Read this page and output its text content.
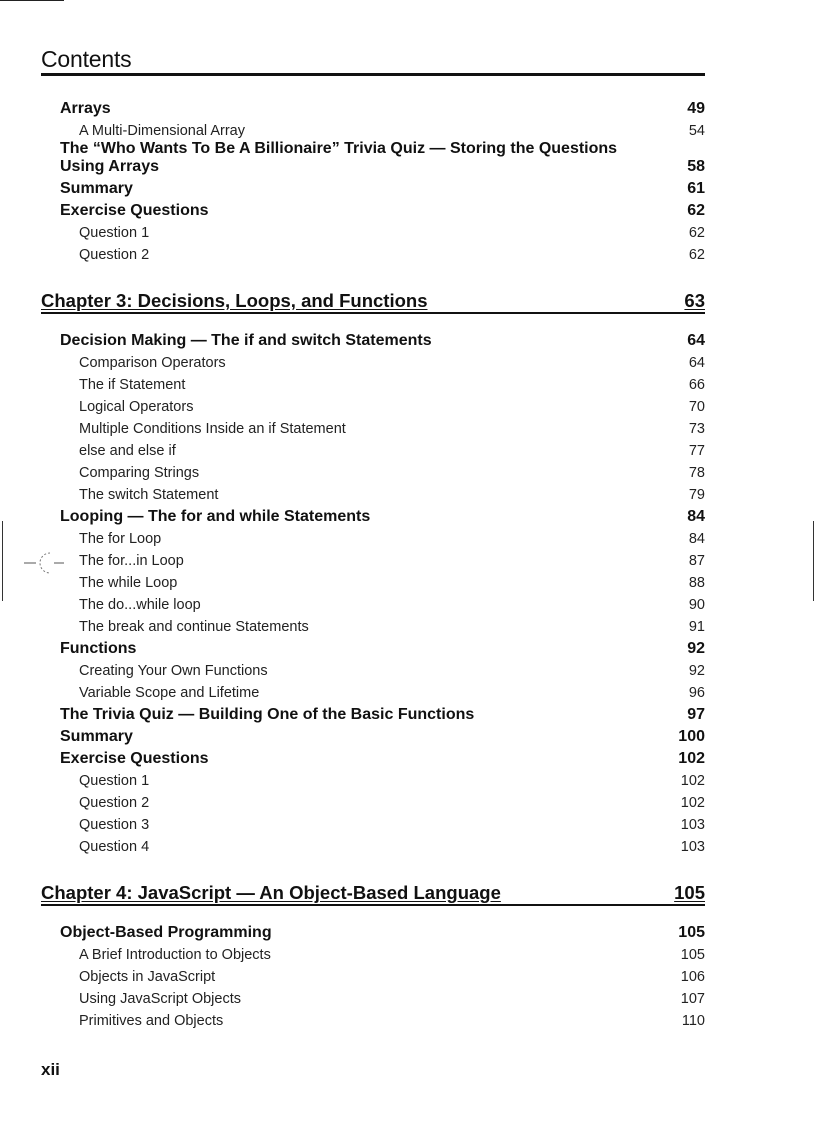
Contents
Arrays	49
A Multi-Dimensional Array	54
The “Who Wants To Be A Billionaire” Trivia Quiz — Storing the Questions Using Arrays	58
Summary	61
Exercise Questions	62
Question 1	62
Question 2	62
Chapter 3: Decisions, Loops, and Functions	63
Decision Making — The if and switch Statements	64
Comparison Operators	64
The if Statement	66
Logical Operators	70
Multiple Conditions Inside an if Statement	73
else and else if	77
Comparing Strings	78
The switch Statement	79
Looping — The for and while Statements	84
The for Loop	84
The for...in Loop	87
The while Loop	88
The do...while loop	90
The break and continue Statements	91
Functions	92
Creating Your Own Functions	92
Variable Scope and Lifetime	96
The Trivia Quiz — Building One of the Basic Functions	97
Summary	100
Exercise Questions	102
Question 1	102
Question 2	102
Question 3	103
Question 4	103
Chapter 4: JavaScript — An Object-Based Language	105
Object-Based Programming	105
A Brief Introduction to Objects	105
Objects in JavaScript	106
Using JavaScript Objects	107
Primitives and Objects	110
xii
